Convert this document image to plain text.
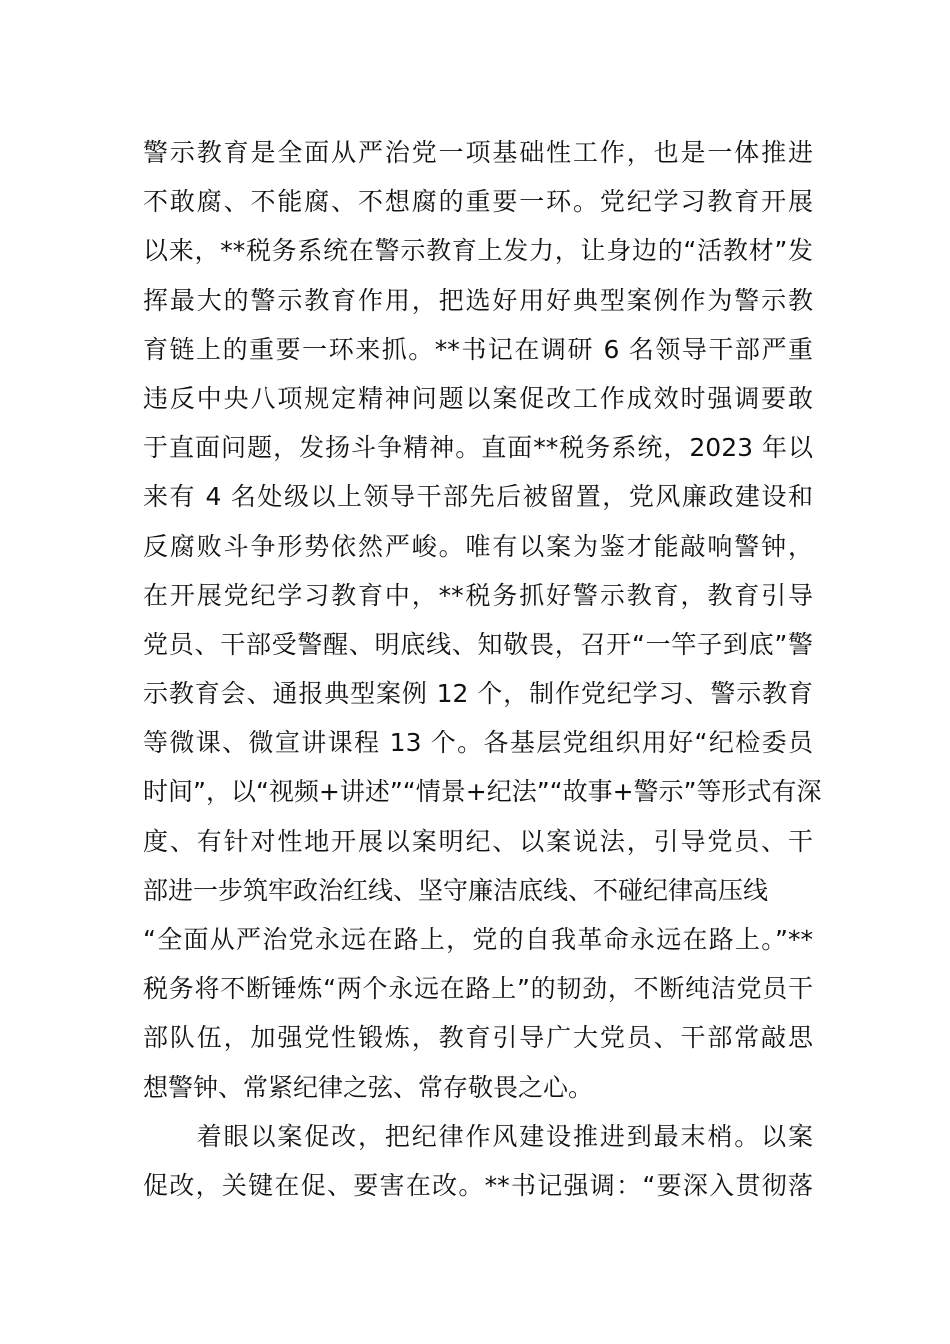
警示教育是全面从严治党一项基础性工作，也是一体推进
不敢腐、不能腐、不想腐的重要一环。党纪学习教育开展
以来，**税务系统在警示教育上发力，让身边的“活教材”发
挥最大的警示教育作用，把选好用好典型案例作为警示教
育链上的重要一环来抓。**书记在调研 6 名领导干部严重
违反中央八项规定精神问题以案促改工作成效时强调要敢
于直面问题，发扬斗争精神。直面**税务系统，2023 年以
来有 4 名处级以上领导干部先后被留置，党风廉政建设和
反腐败斗争形势依然严峻。唯有以案为鉴才能敲响警钟，
在开展党纪学习教育中，**税务抓好警示教育，教育引导
党员、干部受警醒、明底线、知敬畏，召开“一竿子到底”警
示教育会、通报典型案例 12 个，制作党纪学习、警示教育
等微课、微宣讲课程 13 个。各基层党组织用好“纪检委员
时间”，以“视频+讲述”“情景+纪法”“故事+警示”等形式有深
度、有针对性地开展以案明纪、以案说法，引导党员、干
部进一步筑牢政治红线、坚守廉洁底线、不碰纪律高压线
“全面从严治党永远在路上，党的自我革命永远在路上。”**
税务将不断锤炼“两个永远在路上”的韧劲，不断纯洁党员干
部队伍，加强党性锻炼，教育引导广大党员、干部常敲思
想警钟、常紧纪律之弦、常存敬畏之心。
　　着眼以案促改，把纪律作风建设推进到最末梢。以案
促改，关键在促、要害在改。**书记强调：“要深入贯彻落
